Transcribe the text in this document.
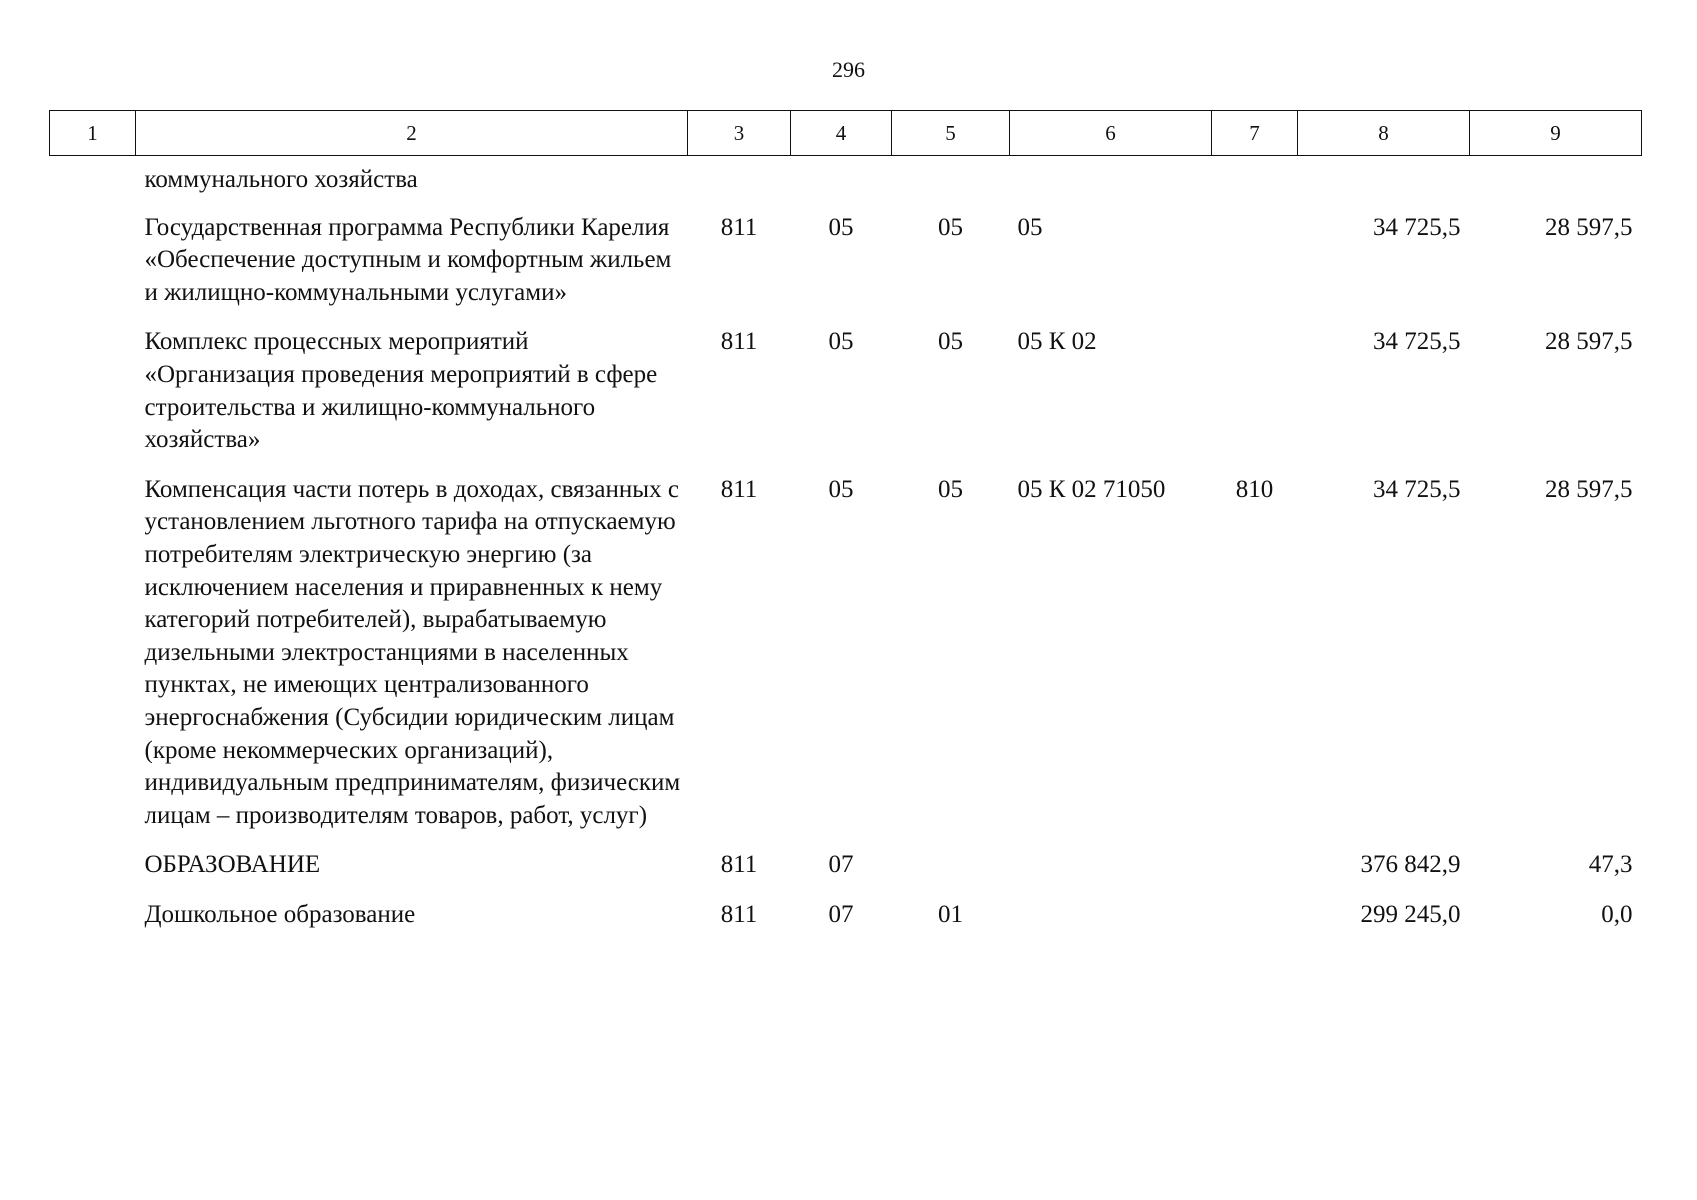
296
1	2	3	4	5	6	7	8	9
	коммунального хозяйства							
	Государственная программа Республики Карелия «Обеспечение доступным и комфортным жильем и жилищно-коммунальными услугами»	811	05	05	05		34 725,5	28 597,5
	Комплекс процессных мероприятий «Организация проведения мероприятий в сфере строительства и жилищно-коммунального хозяйства»	811	05	05	05 К 02		34 725,5	28 597,5
	Компенсация части потерь в доходах, связанных с установлением льготного тарифа на отпускаемую потребителям электрическую энергию (за исключением населения и приравненных к нему категорий потребителей), вырабатываемую дизельными электростанциями в населенных пунктах, не имеющих централизованного энергоснабжения (Субсидии юридическим лицам (кроме некоммерческих организаций), индивидуальным предпринимателям, физическим лицам – производителям товаров, работ, услуг)	811	05	05	05 К 02 71050	810	34 725,5	28 597,5
	ОБРАЗОВАНИЕ	811	07				376 842,9	47,3
	Дошкольное образование	811	07	01			299 245,0	0,0
